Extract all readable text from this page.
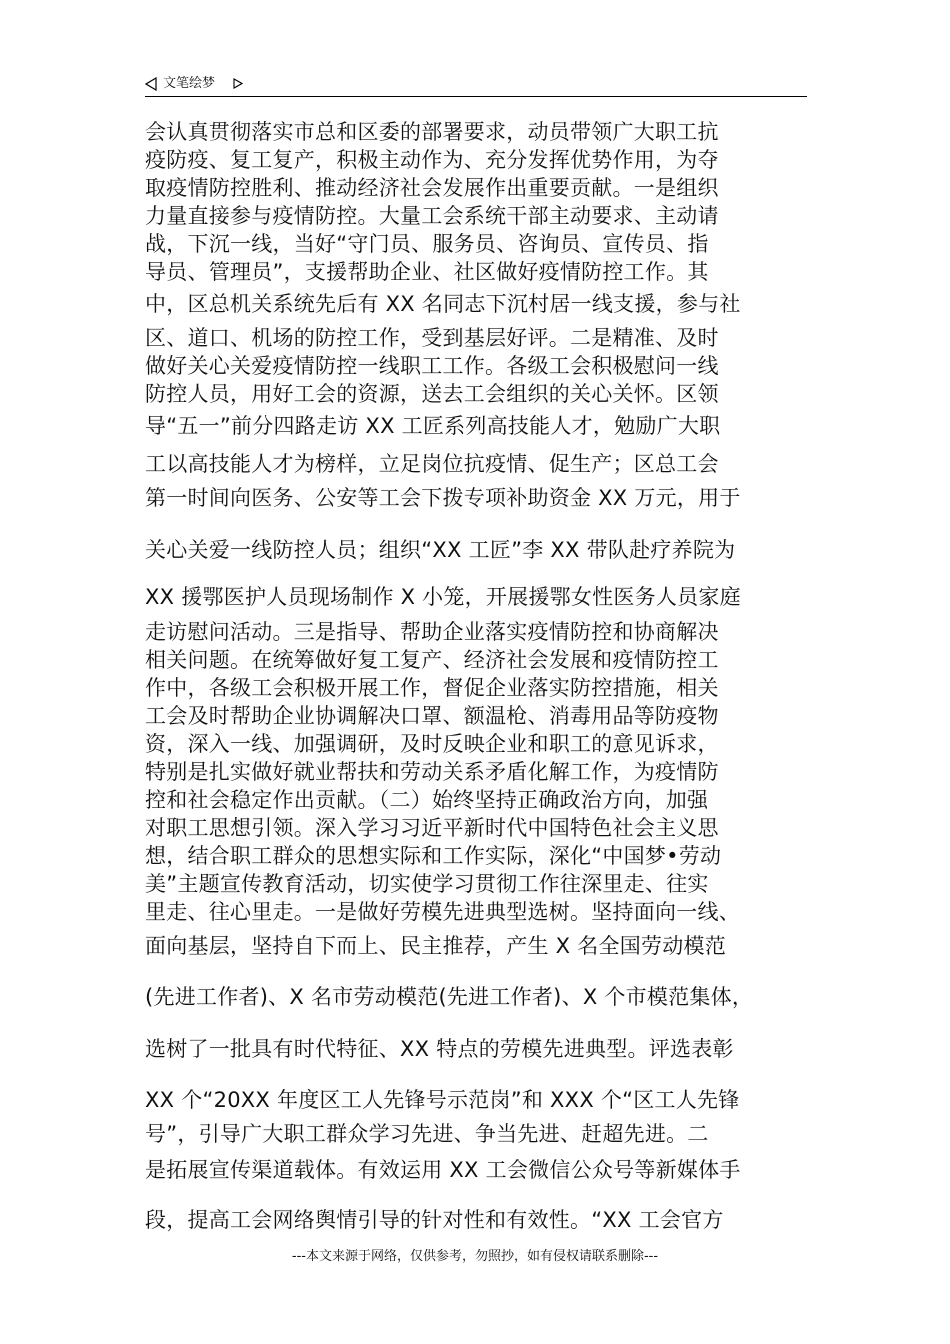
文笔绘梦
会认真贯彻落实市总和区委的部署要求，动员带领广大职工抗
疫防疫、复工复产，积极主动作为、充分发挥优势作用，为夺
取疫情防控胜利、推动经济社会发展作出重要贡献。一是组织
力量直接参与疫情防控。大量工会系统干部主动要求、主动请
战，下沉一线，当好“守门员、服务员、咨询员、宣传员、指
导员、管理员”，支援帮助企业、社区做好疫情防控工作。其
中，区总机关系统先后有 XX 名同志下沉村居一线支援，参与社
区、道口、机场的防控工作，受到基层好评。二是精准、及时
做好关心关爱疫情防控一线职工工作。各级工会积极慰问一线
防控人员，用好工会的资源，送去工会组织的关心关怀。区领
导“五一”前分四路走访 XX 工匠系列高技能人才，勉励广大职
工以高技能人才为榜样，立足岗位抗疫情、促生产；区总工会
第一时间向医务、公安等工会下拨专项补助资金 XX 万元，用于
关心关爱一线防控人员；组织“XX 工匠”李 XX 带队赴疗养院为
XX 援鄂医护人员现场制作 X 小笼，开展援鄂女性医务人员家庭
走访慰问活动。三是指导、帮助企业落实疫情防控和协商解决
相关问题。在统筹做好复工复产、经济社会发展和疫情防控工
作中，各级工会积极开展工作，督促企业落实防控措施，相关
工会及时帮助企业协调解决口罩、额温枪、消毒用品等防疫物
资，深入一线、加强调研，及时反映企业和职工的意见诉求，
特别是扎实做好就业帮扶和劳动关系矛盾化解工作，为疫情防
控和社会稳定作出贡献。（二）始终坚持正确政治方向，加强
对职工思想引领。深入学习习近平新时代中国特色社会主义思
想，结合职工群众的思想实际和工作实际，深化“中国梦•劳动
美”主题宣传教育活动，切实使学习贯彻工作往深里走、往实
里走、往心里走。一是做好劳模先进典型选树。坚持面向一线、
面向基层，坚持自下而上、民主推荐，产生 X 名全国劳动模范
(先进工作者)、X 名市劳动模范(先进工作者)、X 个市模范集体，
选树了一批具有时代特征、XX 特点的劳模先进典型。评选表彰
XX 个“20XX 年度区工人先锋号示范岗”和 XXX 个“区工人先锋
号”，引导广大职工群众学习先进、争当先进、赶超先进。二
是拓展宣传渠道载体。有效运用 XX 工会微信公众号等新媒体手
段，提高工会网络舆情引导的针对性和有效性。“XX 工会官方
---本文来源于网络，仅供参考，勿照抄，如有侵权请联系删除---
